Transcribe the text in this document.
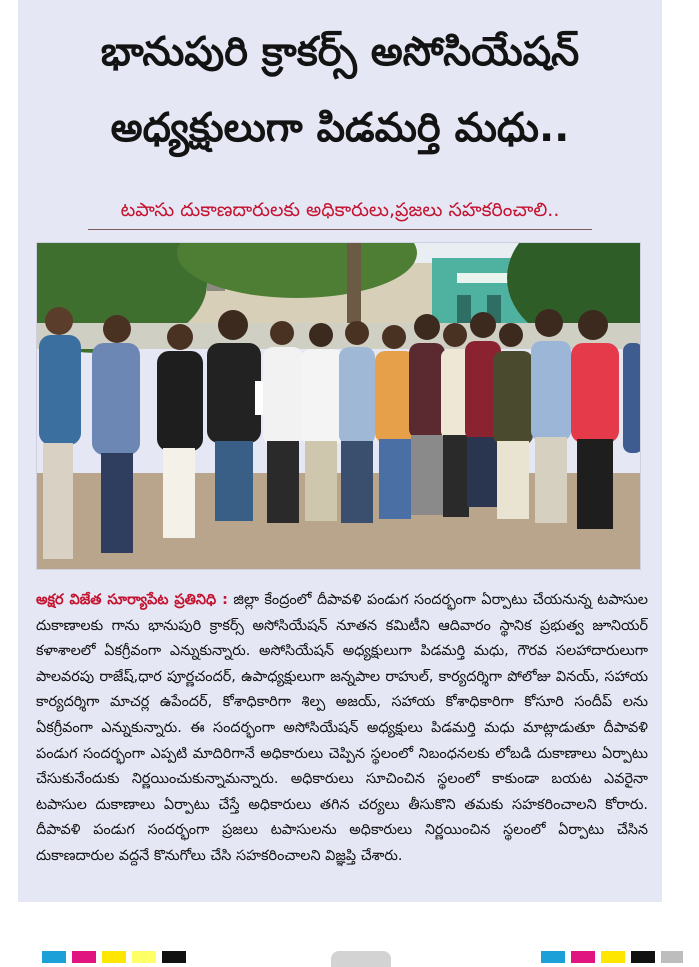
భానుపురి క్రాకర్స్ అసోసియేషన్
అధ్యక్షులుగా పిడమర్తి మధు..
టపాసు దుకాణదారులకు అధికారులు,ప్రజలు సహకరించాలి..
అక్షర విజేత సూర్యాపేట ప్రతినిధి : జిల్లా కేంద్రంలో దీపావళి పండుగ సందర్భంగా ఏర్పాటు చేయనున్న టపాసుల దుకాణాలకు గాను భానుపురి క్రాకర్స్ అసోసియేషన్ నూతన కమిటీని ఆదివారం స్థానిక ప్రభుత్వ జూనియర్ కళాశాలలో ఏకగ్రీవంగా ఎన్నుకున్నారు. అసోసియేషన్ అధ్యక్షులుగా పిడమర్తి మధు, గౌరవ సలహాదారులుగా పాలవరపు రాజేష్,ధార పూర్ణచందర్, ఉపాధ్యక్షులుగా జన్నపాల రాహుల్, కార్యదర్శిగా పోలోజు వినయ్, సహాయ కార్యదర్శిగా మాచర్ల ఉపేందర్, కోశాధికారిగా శిల్ప అజయ్, సహాయ కోశాధికారిగా కోసూరి సందీప్ లను ఏకగ్రీవంగా ఎన్నుకున్నారు. ఈ సందర్భంగా అసోసియేషన్ అధ్యక్షులు పిడమర్తి మధు మాట్లాడుతూ దీపావళి పండుగ సందర్భంగా ఎప్పటి మాదిరిగానే అధికారులు చెప్పిన స్థలంలో నిబంధనలకు లోబడి దుకాణాలు ఏర్పాటు చేసుకునేందుకు నిర్ణయించుకున్నామన్నారు. అధికారులు సూచించిన స్థలంలో కాకుండా బయట ఎవరైనా టపాసుల దుకాణాలు ఏర్పాటు చేస్తే అధికారులు తగిన చర్యలు తీసుకొని తమకు సహకరించాలని కోరారు. దీపావళి పండుగ సందర్భంగా ప్రజలు టపాసులను అధికారులు నిర్ణయించిన స్థలంలో ఏర్పాటు చేసిన దుకాణదారుల వద్దనే కొనుగోలు చేసి సహకరించాలని విజ్ఞప్తి చేశారు.
